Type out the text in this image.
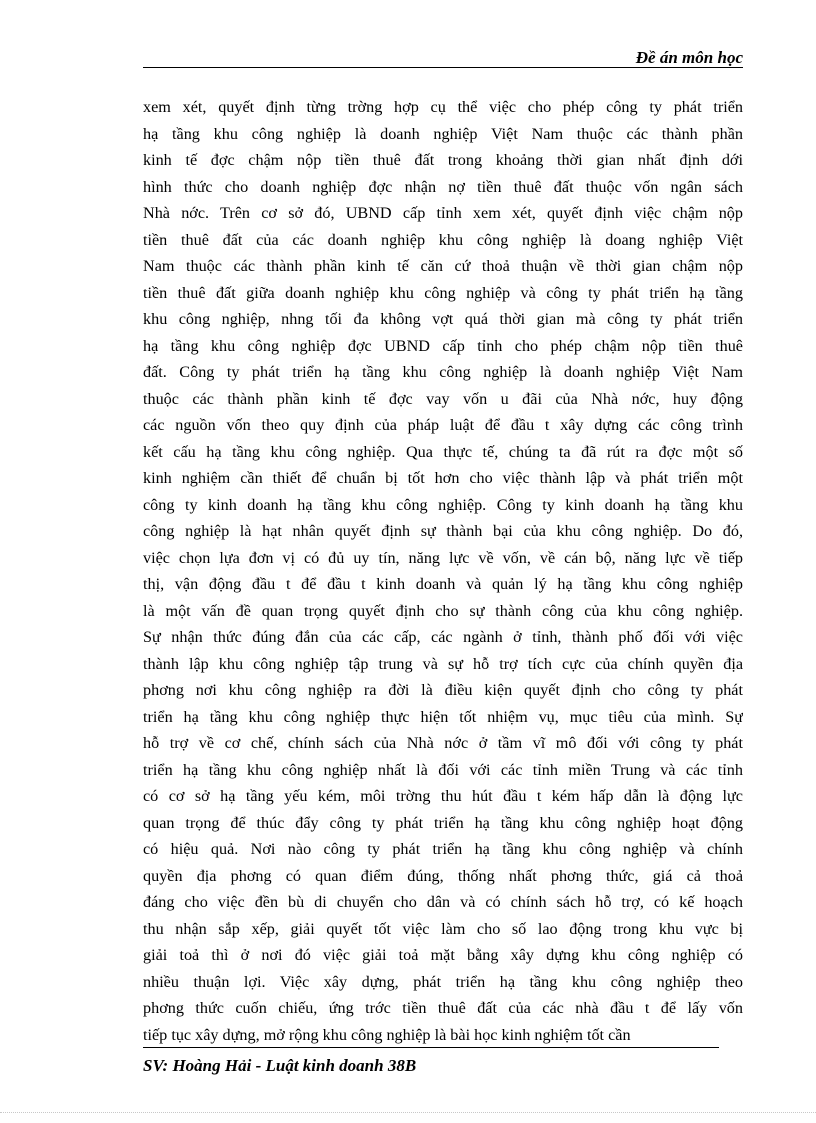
Đề án môn học
xem xét, quyết định từng trờng hợp cụ thể việc cho phép công ty phát triển
hạ tầng khu công nghiệp là doanh nghiệp Việt Nam thuộc các thành phần
kinh tế đợc chậm nộp tiền thuê đất trong khoảng thời gian nhất định dới
hình thức cho doanh nghiệp đợc nhận nợ tiền thuê đất thuộc vốn ngân sách
Nhà nớc. Trên cơ sở đó, UBND cấp tỉnh xem xét, quyết định việc chậm nộp
tiền thuê đất của các doanh nghiệp khu công nghiệp là doang nghiệp Việt
Nam thuộc các thành phần kinh tế căn cứ thoả thuận về thời gian chậm nộp
tiền thuê đất giữa doanh nghiệp khu công nghiệp và công ty phát triển hạ tầng
khu công nghiệp, nhng tối đa không vợt quá thời gian mà công ty phát triển
hạ tầng khu công nghiệp đợc UBND cấp tỉnh cho phép chậm nộp tiền thuê
đất. Công ty phát triển hạ tầng khu công nghiệp là doanh nghiệp Việt Nam
thuộc các thành phần kinh tế đợc vay vốn u đãi của Nhà nớc, huy động
các nguồn vốn theo quy định của pháp luật để đầu t xây dựng các công trình
kết cấu hạ tầng khu công nghiệp. Qua thực tế, chúng ta đã rút ra đợc một số
kinh nghiệm cần thiết để chuẩn bị tốt hơn cho việc thành lập và phát triển một
công ty kinh doanh hạ tầng khu công nghiệp. Công ty kinh doanh hạ tầng khu
công nghiệp là hạt nhân quyết định sự thành bại của khu công nghiệp. Do đó,
việc chọn lựa đơn vị có đủ uy tín, năng lực về vốn, về cán bộ, năng lực về tiếp
thị, vận động đầu t để đầu t kinh doanh và quản lý hạ tầng khu công nghiệp
là một vấn đề quan trọng quyết định cho sự thành công của khu công nghiệp.
Sự nhận thức đúng đắn của các cấp, các ngành ở tỉnh, thành phố đối với việc
thành lập khu công nghiệp tập trung và sự hỗ trợ tích cực của chính quyền địa
phơng nơi khu công nghiệp ra đời là điều kiện quyết định cho công ty phát
triển hạ tầng khu công nghiệp thực hiện tốt nhiệm vụ, mục tiêu của mình. Sự
hỗ trợ về cơ chế, chính sách của Nhà nớc ở tầm vĩ mô đối với công ty phát
triển hạ tầng khu công nghiệp nhất là đối với các tỉnh miền Trung và các tỉnh
có cơ sở hạ tầng yếu kém, môi trờng thu hút đầu t kém hấp dẫn là động lực
quan trọng để thúc đẩy công ty phát triển hạ tầng khu công nghiệp hoạt động
có hiệu quả. Nơi nào công ty phát triển hạ tầng khu công nghiệp và chính
quyền địa phơng có quan điểm đúng, thống nhất phơng thức, giá cả thoả
đáng cho việc đền bù di chuyển cho dân và có chính sách hỗ trợ, có kế hoạch
thu nhận sắp xếp, giải quyết tốt việc làm cho số lao động trong khu vực bị
giải toả thì ở nơi đó việc giải toả mặt bằng xây dựng khu công nghiệp có
nhiều thuận lợi. Việc xây dựng, phát triển hạ tầng khu công nghiệp theo
phơng thức cuốn chiếu, ứng trớc tiền thuê đất của các nhà đầu t để lấy vốn
tiếp tục xây dựng, mở rộng khu công nghiệp là bài học kinh nghiệm tốt cần
SV: Hoàng Hải - Luật kinh doanh 38B
